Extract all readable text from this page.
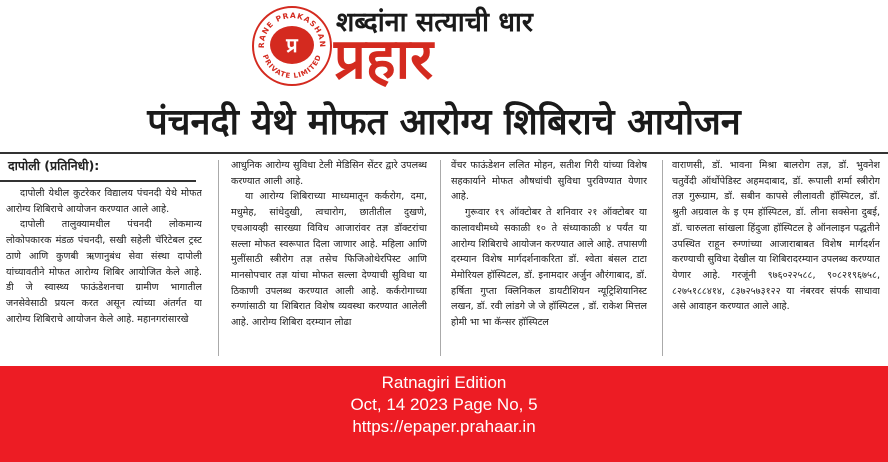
RANE PRAKASHAN
PRIVATE LIMITED
प्र
शब्दांना सत्याची धार
प्रहार
पंचनदी येथे मोफत आरोग्य शिबिराचे आयोजन
दापोली (प्रतिनिधी):

दापोली येथील कुटरेकर विद्यालय पंचनदी येथे मोफत आरोग्य शिबिराचे आयोजन करण्यात आले आहे.

दापोली तालुक्यामधील पंचनदी लोकमान्य लोकोपकारक मंडळ पंचनदी, सखी सहेली चॅरिटेबल ट्रस्ट ठाणे आणि कुणबी ऋणानुबंध सेवा संस्था दापोली यांच्यावतीने मोफत आरोग्य शिबिर आयोजित केले आहे. डी जे स्वास्थ्य फाऊंडेशनचा ग्रामीण भागातील जनसेवेसाठी प्रयत्न करत असून त्यांच्या अंतर्गत या आरोग्य शिबिराचे आयोजन केले आहे. महानगरांसारखे

आधुनिक आरोग्य सुविधा टेली मेडिसिन सेंटर द्वारे उपलब्ध करण्यात आली आहे.

या आरोग्य शिबिराच्या माध्यमातून कर्करोग, दमा, मधुमेह, सांधेदुखी, त्वचारोग, छातीतील दुखणे, एचआयव्ही सारख्या विविध आजारांवर तज्ञ डॉक्टरांचा सल्ला मोफत स्वरूपात दिला जाणार आहे. महिला आणि मुलींसाठी स्त्रीरोग तज्ञ तसेच फिजिओथेरपिस्ट आणि मानसोपचार तज्ञ यांचा मोफत सल्ला देण्याची सुविधा या ठिकाणी उपलब्ध करण्यात आली आहे. कर्करोगाच्या रुग्णांसाठी या शिबिरात विशेष व्यवस्था करण्यात आलेली आहे. आरोग्य शिबिरा दरम्यान लोढा

वेंचर फाऊंडेशन ललित मोहन, सतीश गिरी यांच्या विशेष सहकार्याने मोफत औषधांची सुविधा पुरविण्यात येणार आहे.

गुरूवार १९ ऑक्टोबर ते शनिवार २१ ऑक्टोबर या कालावधीमध्ये सकाळी १० ते संध्याकाळी ४ पर्यंत या आरोग्य शिबिराचे आयोजन करण्यात आले आहे. तपासणी दरम्यान विशेष मार्गदर्शनाकरिता डॉ. श्वेता बंसल टाटा मेमोरियल हॉस्पिटल, डॉ. इनामदार अर्जुन औरंगाबाद, डॉ. हर्षिता गुप्ता क्लिनिकल डायटीशियन न्यूट्रिशियानिस्ट लखन, डॉ. रवी लांडगे जे जे हॉस्पिटल , डॉ. राकेश मित्तल होमी भा भा कॅन्सर हॉस्पिटल

वाराणसी, डॉ. भावना मिश्रा बालरोग तज्ञ, डॉ. भुवनेश चतुर्वेदी ऑर्थोपेडिस्ट अहमदाबाद, डॉ. रूपाली शर्मा स्त्रीरोग तज्ञ गुरूग्राम, डॉ. सबीन कापसे लीलावती हॉस्पिटल, डॉ. श्रुती अग्रवाल के इ एम हॉस्पिटल, डॉ. लीना सक्सेना दुबई, डॉ. चारुलता सांखला हिंदुजा हॉस्पिटल हे ऑनलाइन पद्धतीने उपस्थित राहून रुग्णांच्या आजाराबाबत विशेष मार्गदर्शन करण्याची सुविधा देखील या शिबिरादरम्यान उपलब्ध करण्यात येणार आहे. गरजूंनी ९७६०२२५८८, ९०८२१९६७५८, ८२७५१८८४१४, ८३७२५७३१२२ या नंबरवर संपर्क साधावा असे आवाहन करण्यात आले आहे.

Ratnagiri Edition
Oct, 14 2023 Page No, 5
https://epaper.prahaar.in
